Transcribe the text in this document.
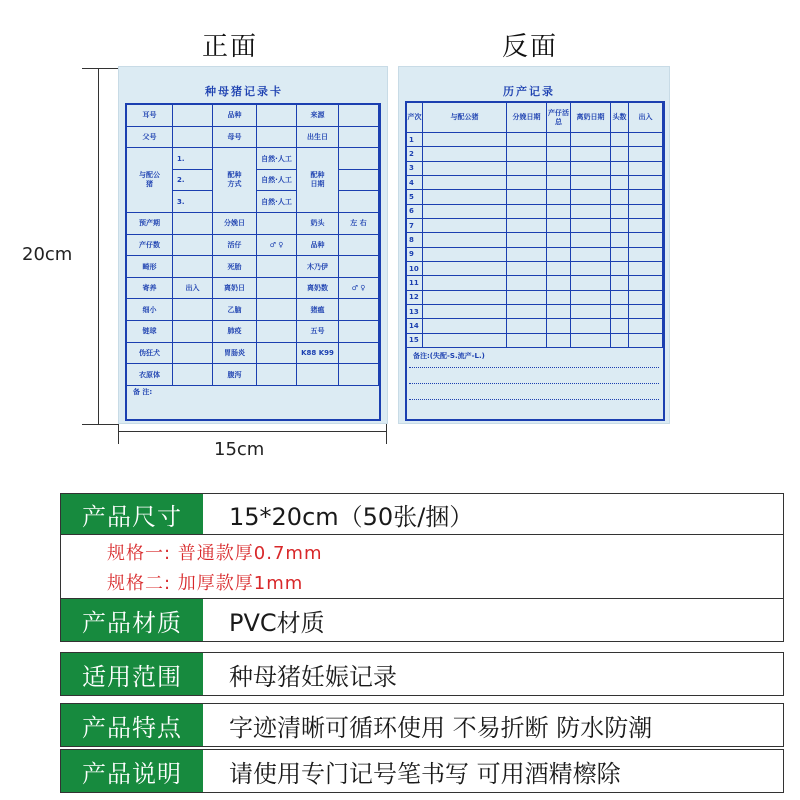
正面	反面
20cm
15cm
种母猪记录卡
耳号		品种		来源	
父号		母号		出生日	
与配公猪	1.	配种方式	自然·人工	配种日期	
	2.		自然·人工		
	3.		自然·人工		
预产期		分娩日		奶头	左 右
产仔数		活仔	♂ ♀	品种	
畸形		死胎		木乃伊	
寄养	出入	离奶日		离奶数	♂ ♀
细小		乙脑		猪瘟	
链球		肺疫		五号	
伪狂犬		胃肠炎		K88 K99	
衣原体		腹泻			
备 注:
历产记录
产次	与配公猪	分娩日期	产仔活总	离奶日期	头数	出入
1						
2						
3						
4						
5						
6						
7						
8						
9						
10						
11						
12						
13						
14						
15						
备注:(失配-S.流产-L.)
产品尺寸	15*20cm（50张/捆）
规格一: 普通款厚0.7mm
规格二: 加厚款厚1mm
产品材质	PVC材质
适用范围	种母猪妊娠记录
产品特点	字迹清晰可循环使用 不易折断 防水防潮
产品说明	请使用专门记号笔书写 可用酒精檫除
